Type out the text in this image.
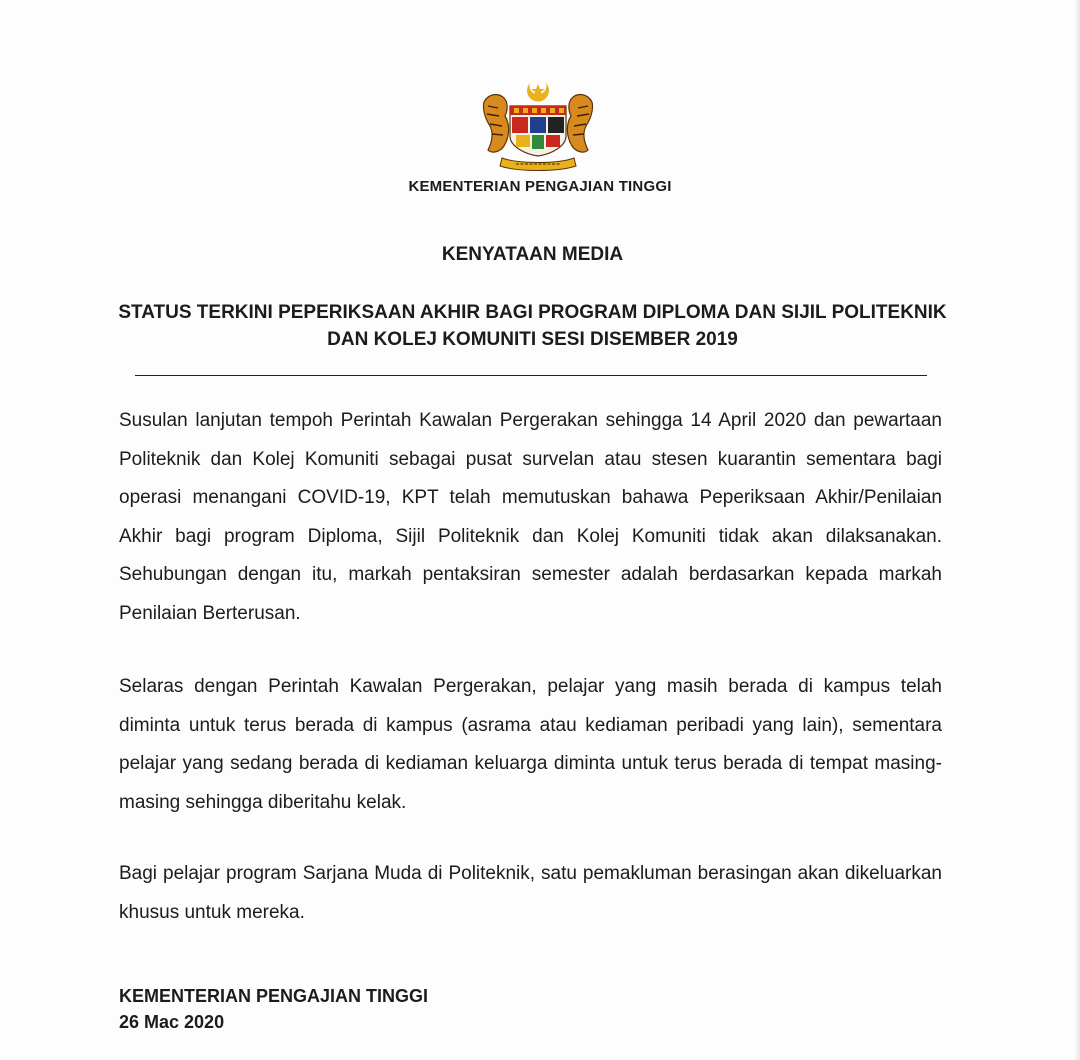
KEMENTERIAN PENGAJIAN TINGGI
KENYATAAN MEDIA
STATUS TERKINI PEPERIKSAAN AKHIR BAGI PROGRAM DIPLOMA DAN SIJIL POLITEKNIK DAN KOLEJ KOMUNITI SESI DISEMBER 2019

Susulan lanjutan tempoh Perintah Kawalan Pergerakan sehingga 14 April 2020 dan pewartaan Politeknik dan Kolej Komuniti sebagai pusat survelan atau stesen kuarantin sementara bagi operasi menangani COVID-19, KPT telah memutuskan bahawa Peperiksaan Akhir/Penilaian Akhir bagi program Diploma, Sijil Politeknik dan Kolej Komuniti tidak akan dilaksanakan. Sehubungan dengan itu, markah pentaksiran semester adalah berdasarkan kepada markah Penilaian Berterusan.

Selaras dengan Perintah Kawalan Pergerakan, pelajar yang masih berada di kampus telah diminta untuk terus berada di kampus (asrama atau kediaman peribadi yang lain), sementara pelajar yang sedang berada di kediaman keluarga diminta untuk terus berada di tempat masing-masing sehingga diberitahu kelak.

Bagi pelajar program Sarjana Muda di Politeknik, satu pemakluman berasingan akan dikeluarkan khusus untuk mereka.

KEMENTERIAN PENGAJIAN TINGGI
26 Mac 2020
